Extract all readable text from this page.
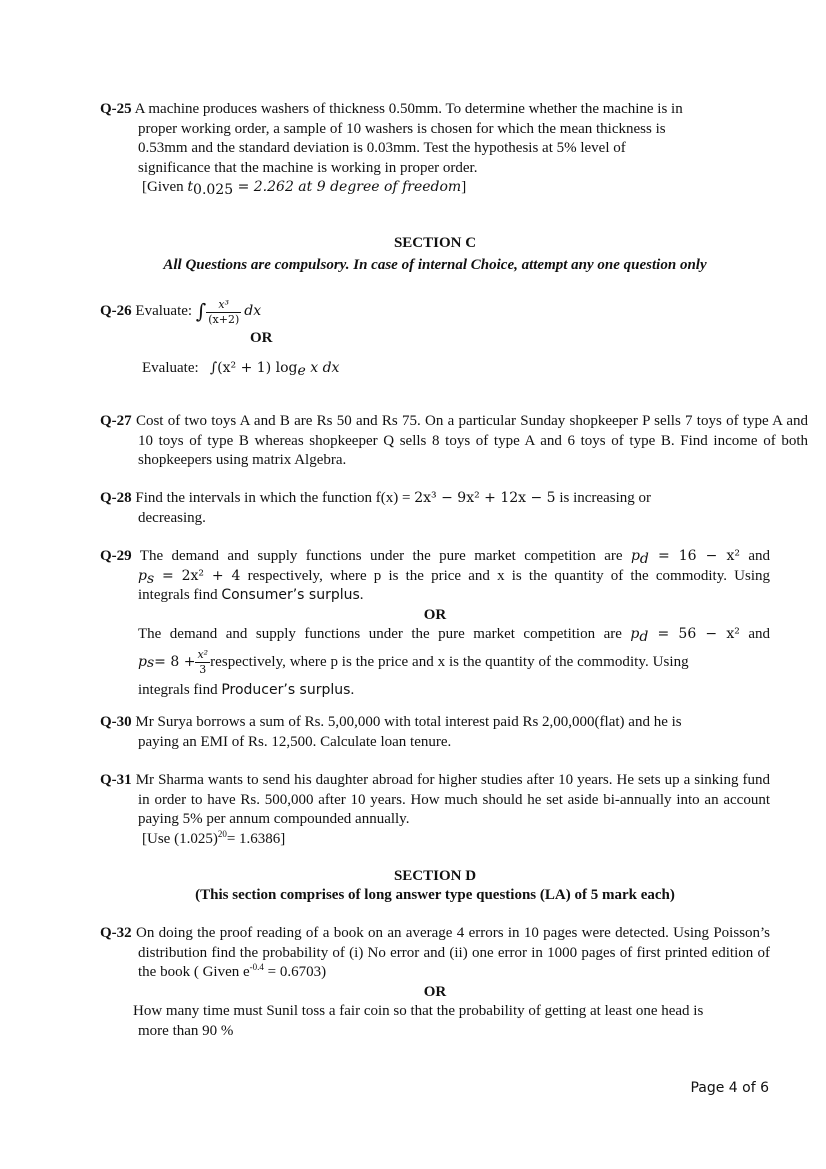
Q-25 A machine produces washers of thickness 0.50mm. To determine whether the machine is in
proper working order, a sample of 10 washers is chosen for which the mean thickness is
0.53mm and the standard deviation is 0.03mm. Test the hypothesis at 5% level of
significance that the machine is working in proper order.
[Given $t_{0.025} = 2.262$ at 9 degree of freedom]
SECTION C
All Questions are compulsory. In case of internal Choice, attempt any one question only
Q-26
Evaluate:
∫ $\frac{\text{x³}}{(x+2)}$ dx
OR
Evaluate: ∫(x² + 1) $\log_e x$ dx
Q-27 Cost of two toys A and B are Rs 50 and Rs 75. On a particular Sunday shopkeeper P sells 7 toys of type A and 10 toys of type B whereas shopkeeper Q sells 8 toys of type A and 6 toys of type B. Find income of both shopkeepers using matrix Algebra.
Q-28 Find the intervals in which the function f(x) = 2x³ − 9x² + 12x − 5 is increasing or
decreasing.
Q-29 The demand and supply functions under the pure market competition are $p_d = 16 - x^2$ and
$p_s = 2x^2 + 4$ respectively, where p is the price and x is the quantity of the commodity. Using
integrals find Consumer’s surplus.
OR
The demand and supply functions under the pure market competition are $p_d = 56 - x^2$ and
p $s = 8 + \frac{\text{x²}}{3}$ respectively, where p is the price and x is the quantity of the commodity. Using
integrals find Producer’s surplus.
Q-30 Mr Surya borrows a sum of Rs. 5,00,000 with total interest paid Rs 2,00,000(flat) and he is
paying an EMI of Rs. 12,500. Calculate loan tenure.
Q-31 Mr Sharma wants to send his daughter abroad for higher studies after 10 years. He sets up a sinking fund in order to have Rs. 500,000 after 10 years. How much should he set aside bi-annually into an account paying 5% per annum compounded annually.
[Use $(1.025)^{20}= 1.6386$]
SECTION D
(This section comprises of long answer type questions (LA) of 5 mark each)
Q-32 On doing the proof reading of a book on an average 4 errors in 10 pages were detected. Using Poisson’s distribution find the probability of (i) No error and (ii) one error in 1000 pages of first printed edition of the book ( Given $e^{-0.4} = 0.6703$)
OR
How many time must Sunil toss a fair coin so that the probability of getting at least one head is
more than 90 %
Page 4 of 6
